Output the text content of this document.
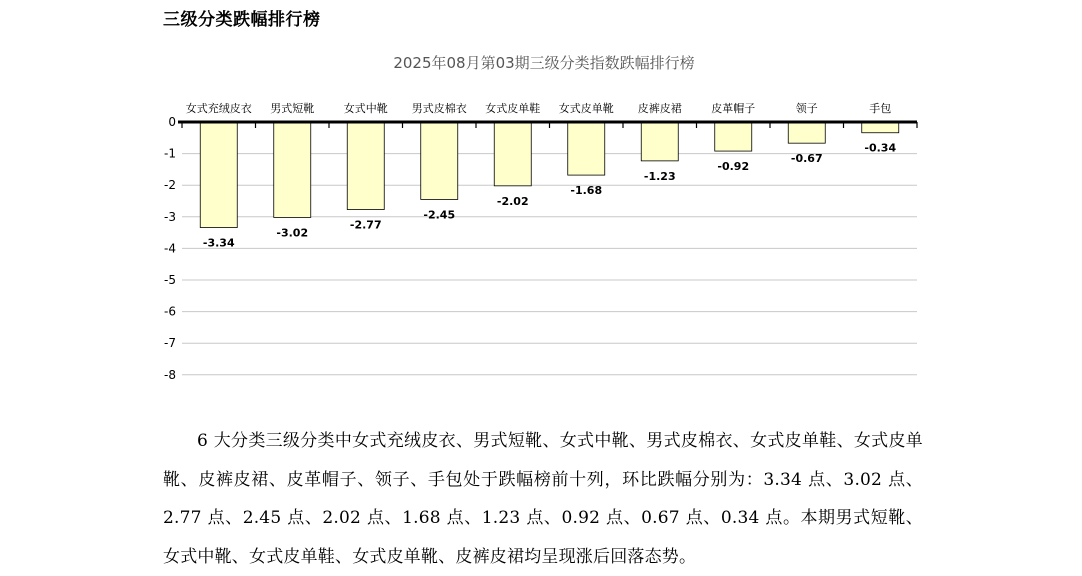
三级分类跌幅排行榜
2025年08月第03期三级分类指数跌幅排行榜
0
-1
-2
-3
-4
-5
-6
-7
-8
-3.34
-3.02
-2.77
-2.45
-2.02
-1.68
-1.23
-0.92
-0.67
-0.34
女式充绒皮衣 男式短靴	女式中靴 男式皮棉衣 女式皮单鞋 女式皮单靴 皮裤皮裙	皮革帽子	领子	手包
6 大分类三级分类中女式充绒皮衣、男式短靴、女式中靴、男式皮棉衣、女式皮单鞋、女式皮单靴、皮裤皮裙、皮革帽子、领子、手包处于跌幅榜前十列，环比跌幅分别为：3.34 点、3.02 点、2.77 点、2.45 点、2.02 点、1.68 点、1.23 点、0.92 点、0.67 点、0.34 点。本期男式短靴、女式中靴、女式皮单鞋、女式皮单靴、皮裤皮裙均呈现涨后回落态势。
